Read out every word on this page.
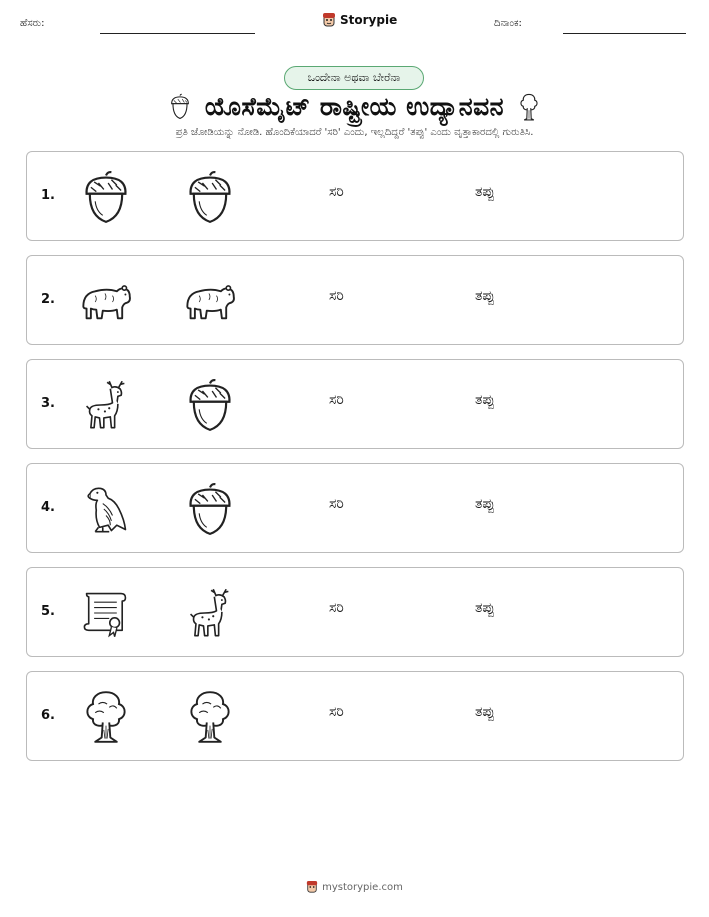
ಹೆಸರು:	Storypie	ದಿನಾಂಕ:
ಒಂದೇನಾ ಅಥವಾ ಬೇರೆನಾ
ಯೊಸೆಮೈಟ್ ರಾಷ್ಟ್ರೀಯ ಉದ್ಯಾನವನ
ಪ್ರತಿ ಜೋಡಿಯನ್ನು ನೋಡಿ. ಹೊಂದಿಕೆಯಾದರೆ 'ಸರಿ' ಎಂದು, ಇಲ್ಲದಿದ್ದರೆ 'ತಪ್ಪು' ಎಂದು ವೃತ್ತಾಕಾರದಲ್ಲಿ ಗುರುತಿಸಿ.
1.	ಸರಿ	ತಪ್ಪು
2.	ಸರಿ	ತಪ್ಪು
3.	ಸರಿ	ತಪ್ಪು
4.	ಸರಿ	ತಪ್ಪು
5.	ಸರಿ	ತಪ್ಪು
6.	ಸರಿ	ತಪ್ಪು
mystorypie.com
